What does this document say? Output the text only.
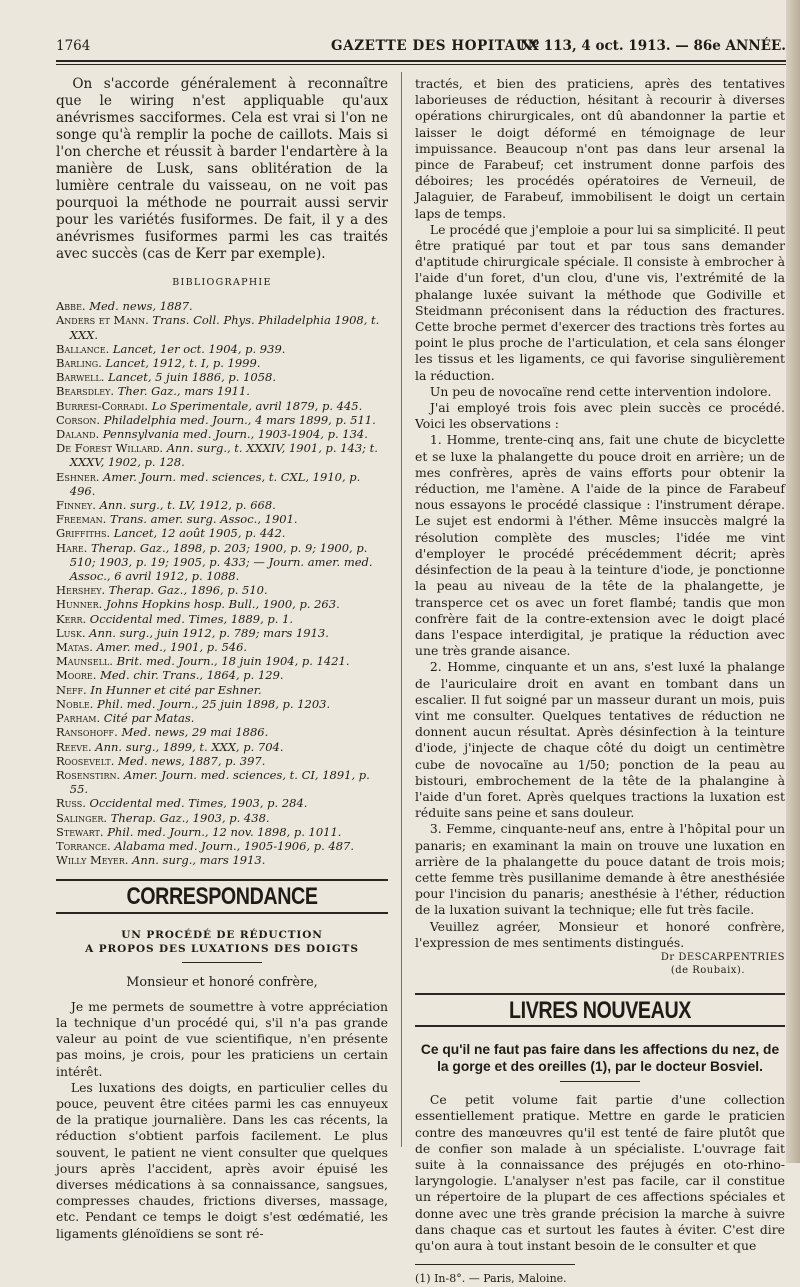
1764	GAZETTE DES HOPITAUX
Nº 113, 4 oct. 1913. — 86e ANNÉE.

On s'accorde généralement à reconnaître que le wiring n'est appliquable qu'aux anévrismes sacciformes. Cela est vrai si l'on ne songe qu'à remplir la poche de caillots. Mais si l'on cherche et réussit à barder l'endartère à la manière de Lusk, sans oblitération de la lumière centrale du vaisseau, on ne voit pas pourquoi la méthode ne pourrait aussi servir pour les variétés fusiformes. De fait, il y a des anévrismes fusiformes parmi les cas traités avec succès (cas de Kerr par exemple).

BIBLIOGRAPHIE
Abbe. Med. news, 1887.
Anders et Mann. Trans. Coll. Phys. Philadelphia 1908, t. XXX.
Ballance. Lancet, 1er oct. 1904, p. 939.
Barling. Lancet, 1912, t. I, p. 1999.
Barwell. Lancet, 5 juin 1886, p. 1058.
Bearsdley. Ther. Gaz., mars 1911.
Burresi-Corradi. Lo Sperimentale, avril 1879, p. 445.
Corson. Philadelphia med. Journ., 4 mars 1899, p. 511.
Daland. Pennsylvania med. Journ., 1903-1904, p. 134.
De Forest Willard. Ann. surg., t. XXXIV, 1901, p. 143; t. XXXV, 1902, p. 128.
Eshner. Amer. Journ. med. sciences, t. CXL, 1910, p. 496.
Finney. Ann. surg., t. LV, 1912, p. 668.
Freeman. Trans. amer. surg. Assoc., 1901.
Griffiths. Lancet, 12 août 1905, p. 442.
Hare. Therap. Gaz., 1898, p. 203; 1900, p. 9; 1900, p. 510; 1903, p. 19; 1905, p. 433; — Journ. amer. med. Assoc., 6 avril 1912, p. 1088.
Hershey. Therap. Gaz., 1896, p. 510.
Hunner. Johns Hopkins hosp. Bull., 1900, p. 263.
Kerr. Occidental med. Times, 1889, p. 1.
Lusk. Ann. surg., juin 1912, p. 789; mars 1913.
Matas. Amer. med., 1901, p. 546.
Maunsell. Brit. med. Journ., 18 juin 1904, p. 1421.
Moore. Med. chir. Trans., 1864, p. 129.
Neff. In Hunner et cité par Eshner.
Noble. Phil. med. Journ., 25 juin 1898, p. 1203.
Parham. Cité par Matas.
Ransohoff. Med. news, 29 mai 1886.
Reeve. Ann. surg., 1899, t. XXX, p. 704.
Roosevelt. Med. news, 1887, p. 397.
Rosenstirn. Amer. Journ. med. sciences, t. CI, 1891, p. 55.
Russ. Occidental med. Times, 1903, p. 284.
Salinger. Therap. Gaz., 1903, p. 438.
Stewart. Phil. med. Journ., 12 nov. 1898, p. 1011.
Torrance. Alabama med. Journ., 1905-1906, p. 487.
Willy Meyer. Ann. surg., mars 1913.
CORRESPONDANCE
UN PROCÉDÉ DE RÉDUCTION
A PROPOS DES LUXATIONS DES DOIGTS

Monsieur et honoré confrère,

Je me permets de soumettre à votre appréciation la technique d'un procédé qui, s'il n'a pas grande valeur au point de vue scientifique, n'en présente pas moins, je crois, pour les praticiens un certain intérêt.

Les luxations des doigts, en particulier celles du pouce, peuvent être citées parmi les cas ennuyeux de la pratique journalière. Dans les cas récents, la réduction s'obtient parfois facilement. Le plus souvent, le patient ne vient consulter que quelques jours après l'accident, après avoir épuisé les diverses médications à sa connaissance, sangsues, compresses chaudes, frictions diverses, massage, etc. Pendant ce temps le doigt s'est œdématié, les ligaments glénoïdiens se sont ré-

tractés, et bien des praticiens, après des tentatives laborieuses de réduction, hésitant à recourir à diverses opérations chirurgicales, ont dû abandonner la partie et laisser le doigt déformé en témoignage de leur impuissance. Beaucoup n'ont pas dans leur arsenal la pince de Farabeuf; cet instrument donne parfois des déboires; les procédés opératoires de Verneuil, de Jalaguier, de Farabeuf, immobilisent le doigt un certain laps de temps.

Le procédé que j'emploie a pour lui sa simplicité. Il peut être pratiqué par tout et par tous sans demander d'aptitude chirurgicale spéciale. Il consiste à embrocher à l'aide d'un foret, d'un clou, d'une vis, l'extrémité de la phalange luxée suivant la méthode que Godiville et Steidmann préconisent dans la réduction des fractures. Cette broche permet d'exercer des tractions très fortes au point le plus proche de l'articulation, et cela sans élonger les tissus et les ligaments, ce qui favorise singulièrement la réduction.

Un peu de novocaïne rend cette intervention indolore.

J'ai employé trois fois avec plein succès ce procédé. Voici les observations :

1. Homme, trente-cinq ans, fait une chute de bicyclette et se luxe la phalangette du pouce droit en arrière; un de mes confrères, après de vains efforts pour obtenir la réduction, me l'amène. A l'aide de la pince de Farabeuf nous essayons le procédé classique : l'instrument dérape. Le sujet est endormi à l'éther. Même insuccès malgré la résolution complète des muscles; l'idée me vint d'employer le procédé précédemment décrit; après désinfection de la peau à la teinture d'iode, je ponctionne la peau au niveau de la tête de la phalangette, je transperce cet os avec un foret flambé; tandis que mon confrère fait de la contre-extension avec le doigt placé dans l'espace interdigital, je pratique la réduction avec une très grande aisance.

2. Homme, cinquante et un ans, s'est luxé la phalange de l'auriculaire droit en avant en tombant dans un escalier. Il fut soigné par un masseur durant un mois, puis vint me consulter. Quelques tentatives de réduction ne donnent aucun résultat. Après désinfection à la teinture d'iode, j'injecte de chaque côté du doigt un centimètre cube de novocaïne au 1/50; ponction de la peau au bistouri, embrochement de la tête de la phalangine à l'aide d'un foret. Après quelques tractions la luxation est réduite sans peine et sans douleur.

3. Femme, cinquante-neuf ans, entre à l'hôpital pour un panaris; en examinant la main on trouve une luxation en arrière de la phalangette du pouce datant de trois mois; cette femme très pusillanime demande à être anesthésiée pour l'incision du panaris; anesthésie à l'éther, réduction de la luxation suivant la technique; elle fut très facile.

Veuillez agréer, Monsieur et honoré confrère, l'expression de mes sentiments distingués.

Dr DESCARPENTRIES
(de Roubaix).
LIVRES NOUVEAUX
Ce qu'il ne faut pas faire dans les affections du nez, de la gorge et des oreilles (1), par le docteur Bosviel.

Ce petit volume fait partie d'une collection essentiellement pratique. Mettre en garde le praticien contre des manœuvres qu'il est tenté de faire plutôt que de confier son malade à un spécialiste. L'ouvrage fait suite à la connaissance des préjugés en oto-rhino-laryngologie. L'analyser n'est pas facile, car il constitue un répertoire de la plupart de ces affections spéciales et donne avec une très grande précision la marche à suivre dans chaque cas et surtout les fautes à éviter. C'est dire qu'on aura à tout instant besoin de le consulter et que

(1) In-8°. — Paris, Maloine.
